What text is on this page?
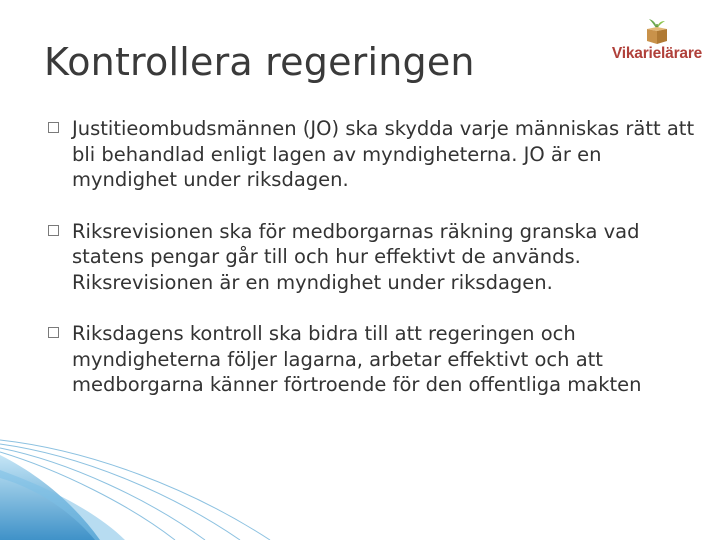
Kontrollera regeringen	Vikarielärare
Justitieombudsmännen (JO) ska skydda varje människas rätt att bli behandlad enligt lagen av myndigheterna. JO är en myndighet under riksdagen.
Riksrevisionen ska för medborgarnas räkning granska vad statens pengar går till och hur effektivt de används. Riksrevisionen är en myndighet under riksdagen.
Riksdagens kontroll ska bidra till att regeringen och myndigheterna följer lagarna, arbetar effektivt och att medborgarna känner förtroende för den offentliga makten
